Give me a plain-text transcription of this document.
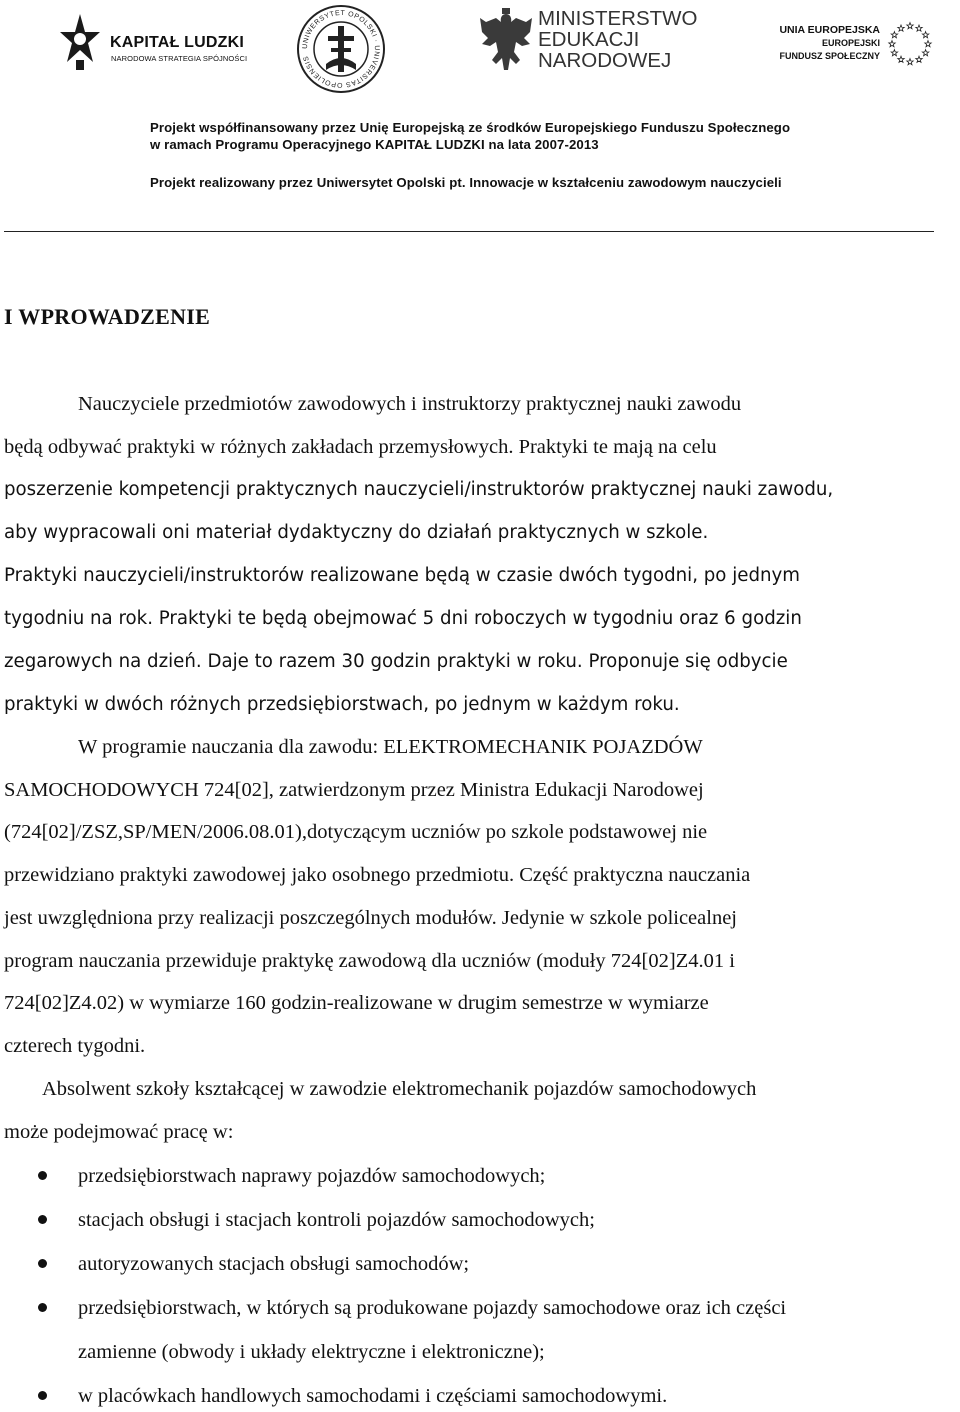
KAPITAŁ LUDZKI
NARODOWA STRATEGIA SPÓJNOŚCI
UNIWERSYTET OPOLSKI · UNIVERSITAS OPOLIENSIS
MINISTERSTWO
EDUKACJI
NARODOWEJ
UNIA EUROPEJSKA
EUROPEJSKI
FUNDUSZ SPOŁECZNY
Projekt współfinansowany przez Unię Europejską ze środków Europejskiego Funduszu Społecznego
w ramach Programu Operacyjnego KAPITAŁ LUDZKI na lata 2007-2013
Projekt realizowany przez Uniwersytet Opolski pt. Innowacje w kształceniu zawodowym nauczycieli
I WPROWADZENIE

Nauczyciele przedmiotów zawodowych i instruktorzy praktycznej nauki zawodu

będą odbywać praktyki w różnych zakładach przemysłowych. Praktyki te mają na celu

poszerzenie kompetencji praktycznych nauczycieli/instruktorów praktycznej nauki zawodu,

aby wypracowali oni materiał dydaktyczny do działań praktycznych w szkole.

Praktyki nauczycieli/instruktorów realizowane będą w czasie dwóch tygodni, po jednym

tygodniu na rok. Praktyki te będą obejmować 5 dni roboczych w tygodniu oraz 6 godzin

zegarowych na dzień. Daje to razem 30 godzin praktyki w roku. Proponuje się odbycie

praktyki w dwóch różnych przedsiębiorstwach, po jednym w każdym roku.

W programie nauczania dla zawodu: ELEKTROMECHANIK POJAZDÓW

SAMOCHODOWYCH 724[02], zatwierdzonym przez Ministra Edukacji Narodowej

(724[02]/ZSZ,SP/MEN/2006.08.01),dotyczącym uczniów po szkole podstawowej nie

przewidziano praktyki zawodowej jako osobnego przedmiotu. Część praktyczna nauczania

jest uwzględniona przy realizacji poszczególnych modułów. Jedynie w szkole policealnej

program nauczania przewiduje praktykę zawodową dla uczniów (moduły 724[02]Z4.01 i

724[02]Z4.02) w wymiarze 160 godzin-realizowane w drugim semestrze w wymiarze

czterech tygodni.

Absolwent szkoły kształcącej w zawodzie elektromechanik pojazdów samochodowych

może podejmować pracę w:

przedsiębiorstwach naprawy pojazdów samochodowych;

stacjach obsługi i stacjach kontroli pojazdów samochodowych;

autoryzowanych stacjach obsługi samochodów;

przedsiębiorstwach, w których są produkowane pojazdy samochodowe oraz ich części

zamienne (obwody i układy elektryczne i elektroniczne);

w placówkach handlowych samochodami i częściami samochodowymi.
